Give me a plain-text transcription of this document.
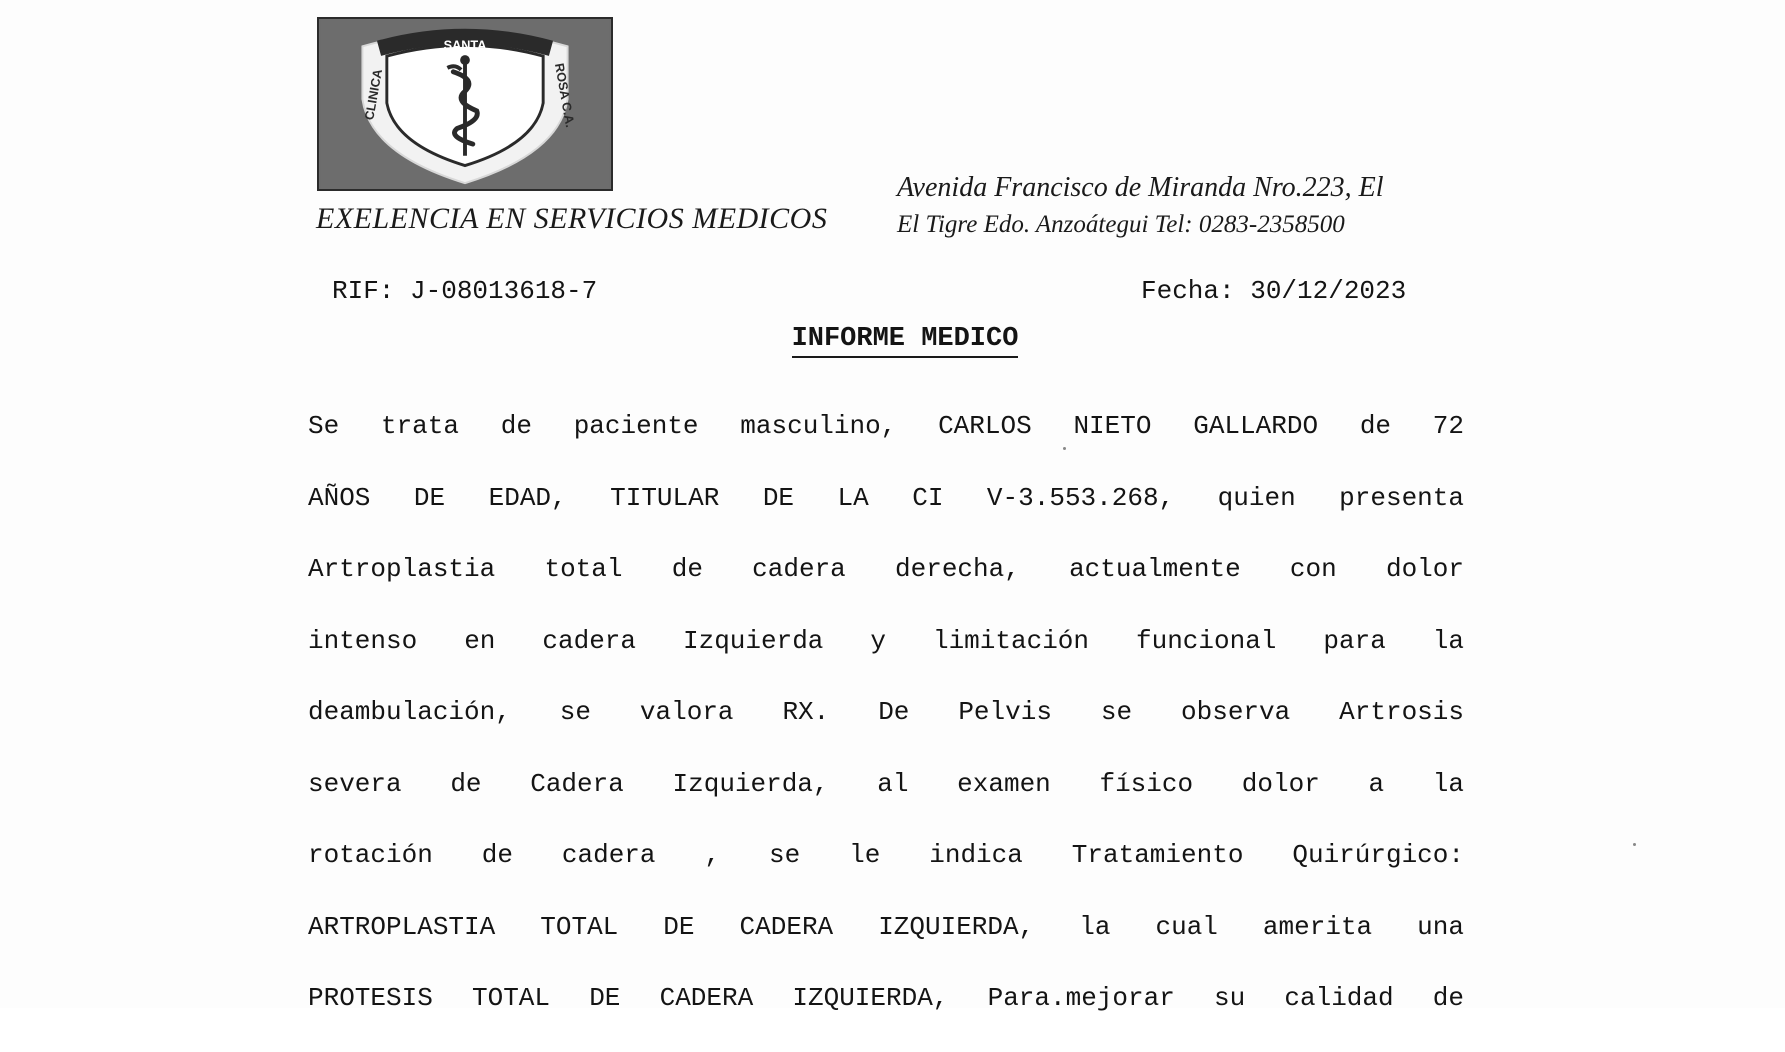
SANTA
CLINICA	ROSA C.A.
Avenida Francisco de Miranda Nro.223, El
El Tigre Edo. Anzoátegui Tel: 0283-2358500
EXELENCIA EN SERVICIOS MEDICOS
RIF: J-08013618-7	Fecha: 30/12/2023
INFORME MEDICO
Se trata de paciente masculino, CARLOS NIETO GALLARDO de 72
AÑOS DE EDAD, TITULAR DE LA CI V-3.553.268, quien presenta
Artroplastia total de cadera derecha, actualmente con dolor
intenso en cadera Izquierda y limitación funcional para la
deambulación, se valora RX. De Pelvis se observa Artrosis
severa de Cadera Izquierda, al examen físico dolor a la
rotación de cadera , se le indica Tratamiento Quirúrgico:
ARTROPLASTIA TOTAL DE CADERA IZQUIERDA, la cual amerita una
PROTESIS TOTAL DE CADERA IZQUIERDA, Para.mejorar su calidad de
